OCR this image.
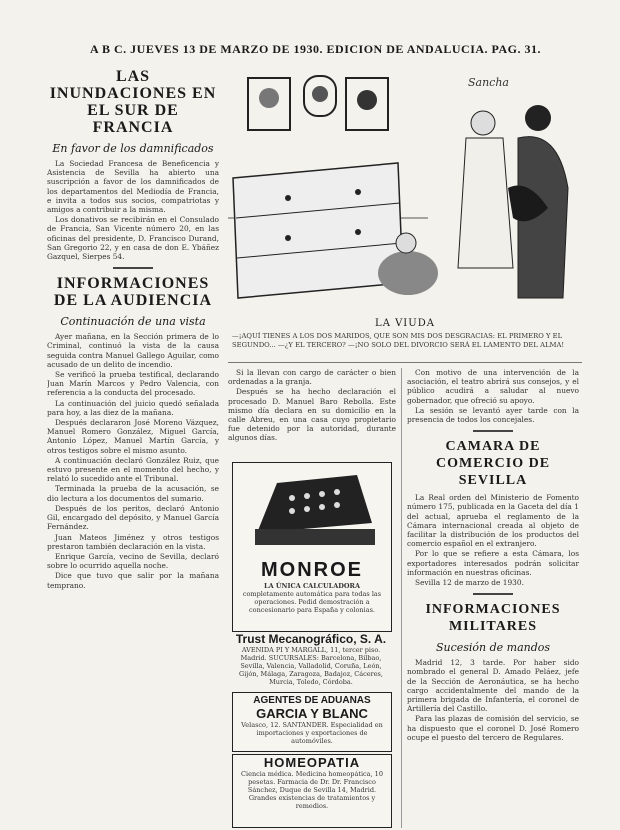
A B C. JUEVES 13 DE MARZO DE 1930. EDICION DE ANDALUCIA. PAG. 31.
LAS INUNDACIONES EN EL SUR DE FRANCIA
En favor de los damnificados

La Sociedad Francesa de Beneficencia y Asistencia de Sevilla ha abierto una suscripción a favor de los damnificados de los departamentos del Mediodía de Francia, e invita a todos sus socios, compatriotas y amigos a contribuir a la misma.

Los donativos se recibirán en el Consulado de Francia, San Vicente número 20, en las oficinas del presidente, D. Francisco Durand, San Gregorio 22, y en casa de don E. Ybáñez Gazquel, Sierpes 54.

INFORMACIONES DE LA AUDIENCIA
Continuación de una vista

Ayer mañana, en la Sección primera de lo Criminal, continuó la vista de la causa seguida contra Manuel Gallego Aguilar, como acusado de un delito de incendio.

Se verificó la prueba testifical, declarando Juan Marín Marcos y Pedro Valencia, con referencia a la conducta del procesado.

La continuación del juicio quedó señalada para hoy, a las diez de la mañana.

Después declararon José Moreno Vázquez, Manuel Romero González, Miguel García, Antonio López, Manuel Martín García, y otros testigos sobre el mismo asunto.

A continuación declaró González Ruiz, que estuvo presente en el momento del hecho, y relató lo sucedido ante el Tribunal.

Terminada la prueba de la acusación, se dio lectura a los documentos del sumario.

Después de los peritos, declaró Antonio Gil, encargado del depósito, y Manuel García Fernández.

Juan Mateos Jiménez y otros testigos prestaron también declaración en la vista.

Enrique García, vecino de Sevilla, declaró sobre lo ocurrido aquella noche.

Dice que tuvo que salir por la mañana temprano.

Sancha
LA VIUDA
—¡AQUÍ TIENES A LOS DOS MARIDOS, QUE SON MIS DOS DESGRACIAS: EL PRIMERO Y EL SEGUNDO... —¿Y EL TERCERO? —¡NO SOLO DEL DIVORCIO SERÁ EL LAMENTO DEL ALMA!

Si la llevan con cargo de carácter o bien ordenadas a la granja.

Después se ha hecho declaración el procesado D. Manuel Baro Rebolla. Este mismo día declara en su domicilio en la calle Abreu, en una casa cuyo propietario fue detenido por la autoridad, durante algunos días.

MONROE
LA ÚNICA CALCULADORA
completamente automática para todas las operaciones. Pedid demostración a concesionario para España y colonias.
Trust Mecanográfico, S. A.
AVENIDA PI Y MARGALL, 11, tercer piso. Madrid. SUCURSALES: Barcelona, Bilbao, Sevilla, Valencia, Valladolid, Coruña, León, Gijón, Málaga, Zaragoza, Badajoz, Cáceres, Murcia, Toledo, Córdoba.
AGENTES DE ADUANAS
GARCIA Y BLANC
Velasco, 12. SANTANDER. Especialidad en importaciones y exportaciones de automóviles.
HOMEOPATIA
Ciencia médica. Medicina homeopática, 10 pesetas. Farmacia de Dr. Dr. Francisco Sánchez, Duque de Sevilla 14, Madrid. Grandes existencias de tratamientos y remedios.

Con motivo de una intervención de la asociación, el teatro abrirá sus consejos, y el público acudirá a saludar al nuevo gobernador, que ofreció su apoyo.

La sesión se levantó ayer tarde con la presencia de todos los concejales.

CAMARA DE COMERCIO DE SEVILLA

La Real orden del Ministerio de Fomento número 175, publicada en la Gaceta del día 1 del actual, aprueba el reglamento de la Cámara internacional creada al objeto de facilitar la distribución de los productos del comercio español en el extranjero.

Por lo que se refiere a esta Cámara, los exportadores interesados podrán solicitar información en nuestras oficinas.

Sevilla 12 de marzo de 1930.

INFORMACIONES MILITARES
Sucesión de mandos

Madrid 12, 3 tarde. Por haber sido nombrado el general D. Amado Peláez, jefe de la Sección de Aeronáutica, se ha hecho cargo accidentalmente del mando de la primera brigada de Infantería, el coronel de Artillería del Castillo.

Para las plazas de comisión del servicio, se ha dispuesto que el coronel D. José Romero ocupe el puesto del tercero de Regulares.
